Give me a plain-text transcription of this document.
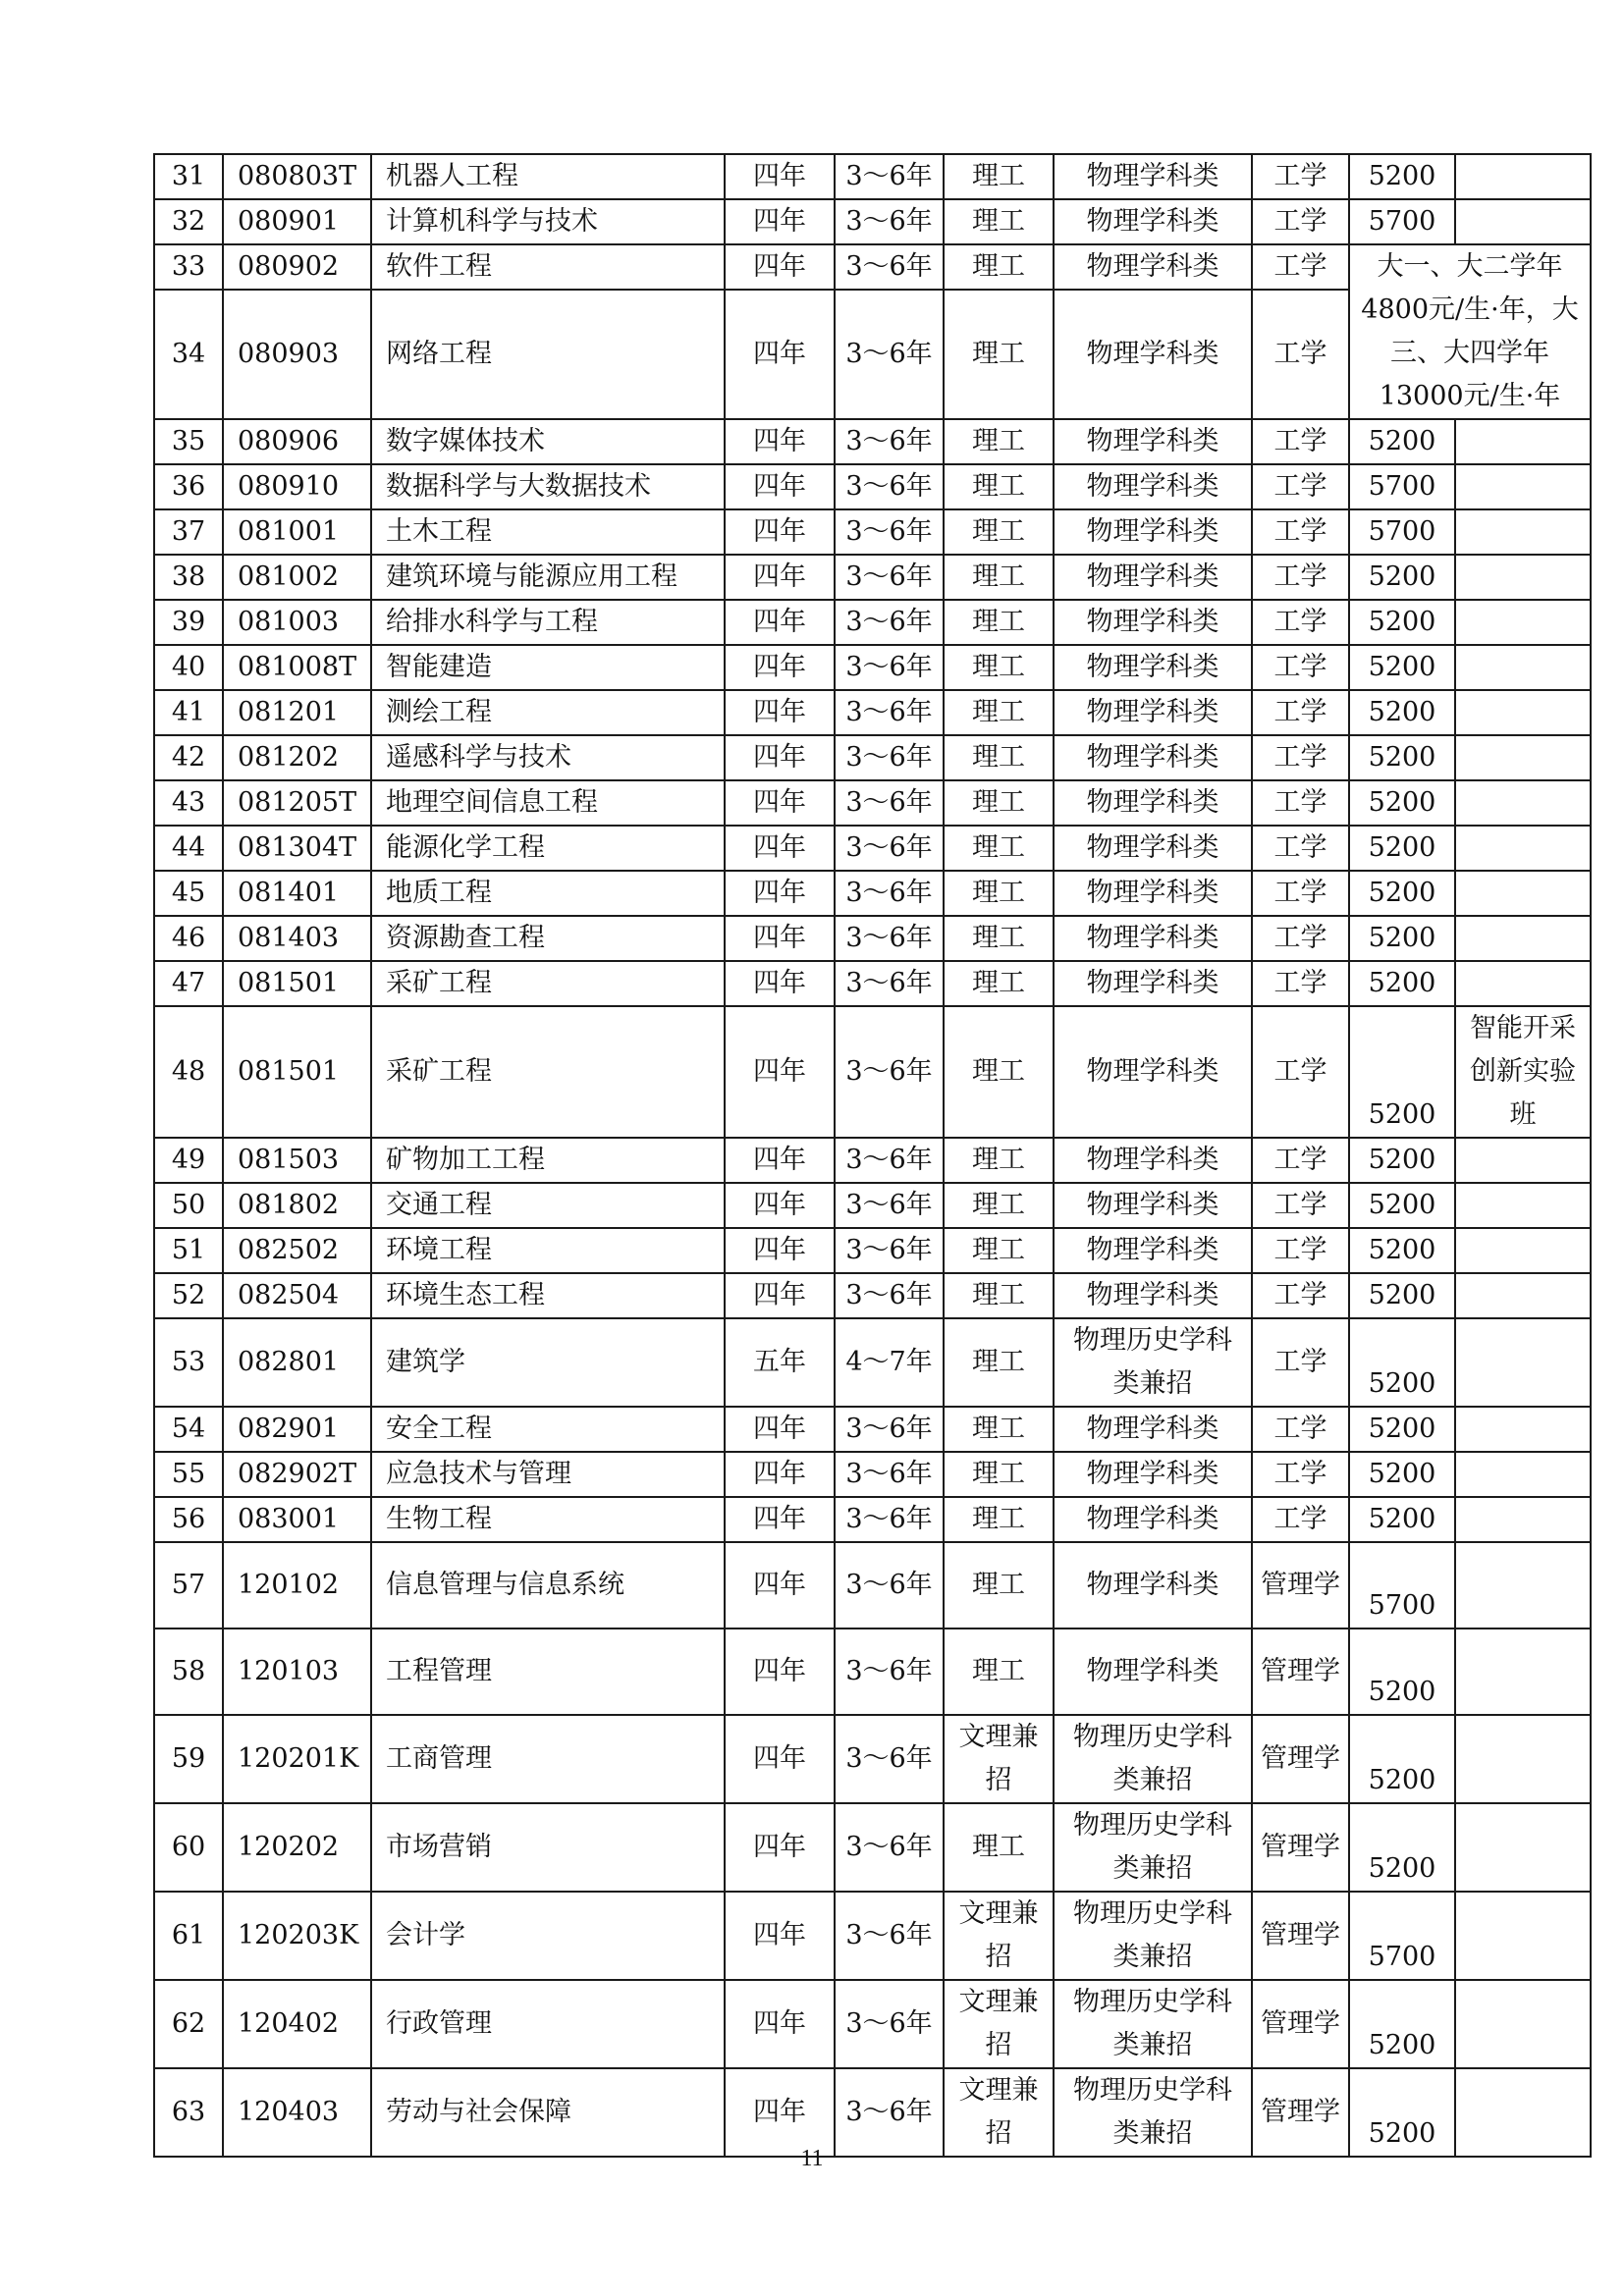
31	080803T	机器人工程	四年	3～6年	理工	物理学科类	工学	5200	
32	080901	计算机科学与技术	四年	3～6年	理工	物理学科类	工学	5700	
33	080902	软件工程	四年	3～6年	理工	物理学科类	工学	大一、大二学年4800元/生·年，大三、大四学年13000元/生·年	
34	080903	网络工程	四年	3～6年	理工	物理学科类	工学		
35	080906	数字媒体技术	四年	3～6年	理工	物理学科类	工学	5200	
36	080910	数据科学与大数据技术	四年	3～6年	理工	物理学科类	工学	5700	
37	081001	土木工程	四年	3～6年	理工	物理学科类	工学	5700	
38	081002	建筑环境与能源应用工程	四年	3～6年	理工	物理学科类	工学	5200	
39	081003	给排水科学与工程	四年	3～6年	理工	物理学科类	工学	5200	
40	081008T	智能建造	四年	3～6年	理工	物理学科类	工学	5200	
41	081201	测绘工程	四年	3～6年	理工	物理学科类	工学	5200	
42	081202	遥感科学与技术	四年	3～6年	理工	物理学科类	工学	5200	
43	081205T	地理空间信息工程	四年	3～6年	理工	物理学科类	工学	5200	
44	081304T	能源化学工程	四年	3～6年	理工	物理学科类	工学	5200	
45	081401	地质工程	四年	3～6年	理工	物理学科类	工学	5200	
46	081403	资源勘查工程	四年	3～6年	理工	物理学科类	工学	5200	
47	081501	采矿工程	四年	3～6年	理工	物理学科类	工学	5200	
48	081501	采矿工程	四年	3～6年	理工	物理学科类	工学	5200	智能开采创新实验班
49	081503	矿物加工工程	四年	3～6年	理工	物理学科类	工学	5200	
50	081802	交通工程	四年	3～6年	理工	物理学科类	工学	5200	
51	082502	环境工程	四年	3～6年	理工	物理学科类	工学	5200	
52	082504	环境生态工程	四年	3～6年	理工	物理学科类	工学	5200	
53	082801	建筑学	五年	4～7年	理工	物理历史学科类兼招	工学	5200	
54	082901	安全工程	四年	3～6年	理工	物理学科类	工学	5200	
55	082902T	应急技术与管理	四年	3～6年	理工	物理学科类	工学	5200	
56	083001	生物工程	四年	3～6年	理工	物理学科类	工学	5200	
57	120102	信息管理与信息系统	四年	3～6年	理工	物理学科类	管理学	5700	
58	120103	工程管理	四年	3～6年	理工	物理学科类	管理学	5200	
59	120201K	工商管理	四年	3～6年	文理兼招	物理历史学科类兼招	管理学	5200	
60	120202	市场营销	四年	3～6年	理工	物理历史学科类兼招	管理学	5200	
61	120203K	会计学	四年	3～6年	文理兼招	物理历史学科类兼招	管理学	5700	
62	120402	行政管理	四年	3～6年	文理兼招	物理历史学科类兼招	管理学	5200	
63	120403	劳动与社会保障	四年	3～6年	文理兼招	物理历史学科类兼招	管理学	5200	
11
